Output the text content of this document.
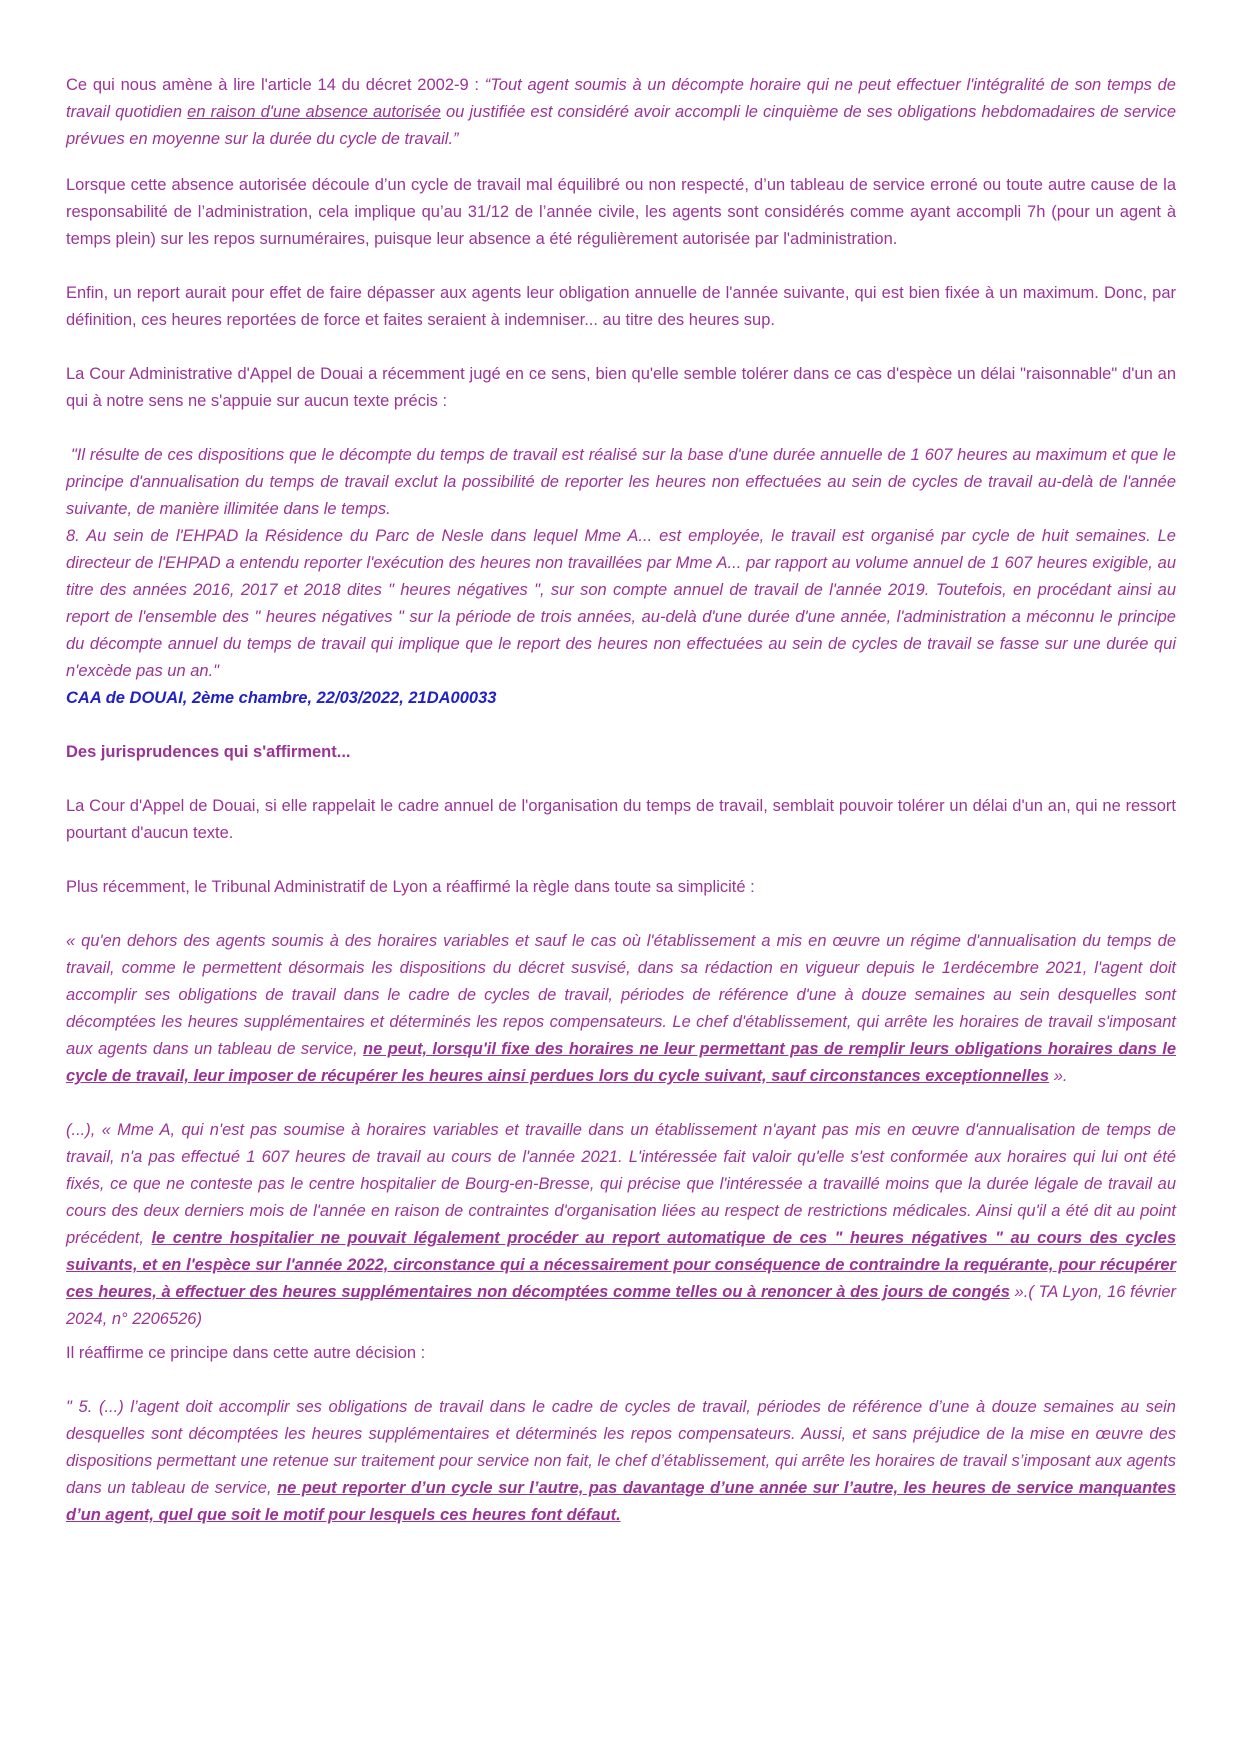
Ce qui nous amène à lire l'article 14 du décret 2002-9 : “Tout agent soumis à un décompte horaire qui ne peut effectuer l'intégralité de son temps de travail quotidien en raison d'une absence autorisée ou justifiée est considéré avoir accompli le cinquième de ses obligations hebdomadaires de service prévues en moyenne sur la durée du cycle de travail.”

Lorsque cette absence autorisée découle d’un cycle de travail mal équilibré ou non respecté, d’un tableau de service erroné ou toute autre cause de la responsabilité de l’administration, cela implique qu’au 31/12 de l’année civile, les agents sont considérés comme ayant accompli 7h (pour un agent à temps plein) sur les repos surnuméraires, puisque leur absence a été régulièrement autorisée par l'administration.

Enfin, un report aurait pour effet de faire dépasser aux agents leur obligation annuelle de l'année suivante, qui est bien fixée à un maximum. Donc, par définition, ces heures reportées de force et faites seraient à indemniser... au titre des heures sup.

La Cour Administrative d'Appel de Douai a récemment jugé en ce sens, bien qu'elle semble tolérer dans ce cas d'espèce un délai "raisonnable" d'un an qui à notre sens ne s'appuie sur aucun texte précis :

"Il résulte de ces dispositions que le décompte du temps de travail est réalisé sur la base d'une durée annuelle de 1 607 heures au maximum et que le principe d'annualisation du temps de travail exclut la possibilité de reporter les heures non effectuées au sein de cycles de travail au-delà de l'année suivante, de manière illimitée dans le temps.

8. Au sein de l'EHPAD la Résidence du Parc de Nesle dans lequel Mme A... est employée, le travail est organisé par cycle de huit semaines. Le directeur de l'EHPAD a entendu reporter l'exécution des heures non travaillées par Mme A... par rapport au volume annuel de 1 607 heures exigible, au titre des années 2016, 2017 et 2018 dites " heures négatives ", sur son compte annuel de travail de l'année 2019. Toutefois, en procédant ainsi au report de l'ensemble des " heures négatives " sur la période de trois années, au-delà d'une durée d'une année, l'administration a méconnu le principe du décompte annuel du temps de travail qui implique que le report des heures non effectuées au sein de cycles de travail se fasse sur une durée qui n'excède pas un an."

CAA de DOUAI, 2ème chambre, 22/03/2022, 21DA00033

Des jurisprudences qui s'affirment...

La Cour d'Appel de Douai, si elle rappelait le cadre annuel de l'organisation du temps de travail, semblait pouvoir tolérer un délai d'un an, qui ne ressort pourtant d'aucun texte.

Plus récemment, le Tribunal Administratif de Lyon a réaffirmé la règle dans toute sa simplicité :

« qu'en dehors des agents soumis à des horaires variables et sauf le cas où l'établissement a mis en œuvre un régime d'annualisation du temps de travail, comme le permettent désormais les dispositions du décret susvisé, dans sa rédaction en vigueur depuis le 1erdécembre 2021, l'agent doit accomplir ses obligations de travail dans le cadre de cycles de travail, périodes de référence d'une à douze semaines au sein desquelles sont décomptées les heures supplémentaires et déterminés les repos compensateurs. Le chef d'établissement, qui arrête les horaires de travail s'imposant aux agents dans un tableau de service, ne peut, lorsqu'il fixe des horaires ne leur permettant pas de remplir leurs obligations horaires dans le cycle de travail, leur imposer de récupérer les heures ainsi perdues lors du cycle suivant, sauf circonstances exceptionnelles ».

(...), « Mme A, qui n'est pas soumise à horaires variables et travaille dans un établissement n'ayant pas mis en œuvre d'annualisation de temps de travail, n'a pas effectué 1 607 heures de travail au cours de l'année 2021. L'intéressée fait valoir qu'elle s'est conformée aux horaires qui lui ont été fixés, ce que ne conteste pas le centre hospitalier de Bourg-en-Bresse, qui précise que l'intéressée a travaillé moins que la durée légale de travail au cours des deux derniers mois de l'année en raison de contraintes d'organisation liées au respect de restrictions médicales. Ainsi qu'il a été dit au point précédent, le centre hospitalier ne pouvait légalement procéder au report automatique de ces " heures négatives " au cours des cycles suivants, et en l'espèce sur l'année 2022, circonstance qui a nécessairement pour conséquence de contraindre la requérante, pour récupérer ces heures, à effectuer des heures supplémentaires non décomptées comme telles ou à renoncer à des jours de congés ».( TA Lyon, 16 février 2024, n° 2206526)

Il réaffirme ce principe dans cette autre décision :

" 5. (...) l’agent doit accomplir ses obligations de travail dans le cadre de cycles de travail, périodes de référence d’une à douze semaines au sein desquelles sont décomptées les heures supplémentaires et déterminés les repos compensateurs. Aussi, et sans préjudice de la mise en œuvre des dispositions permettant une retenue sur traitement pour service non fait, le chef d’établissement, qui arrête les horaires de travail s’imposant aux agents dans un tableau de service, ne peut reporter d’un cycle sur l’autre, pas davantage d’une année sur l’autre, les heures de service manquantes d’un agent, quel que soit le motif pour lesquels ces heures font défaut.
